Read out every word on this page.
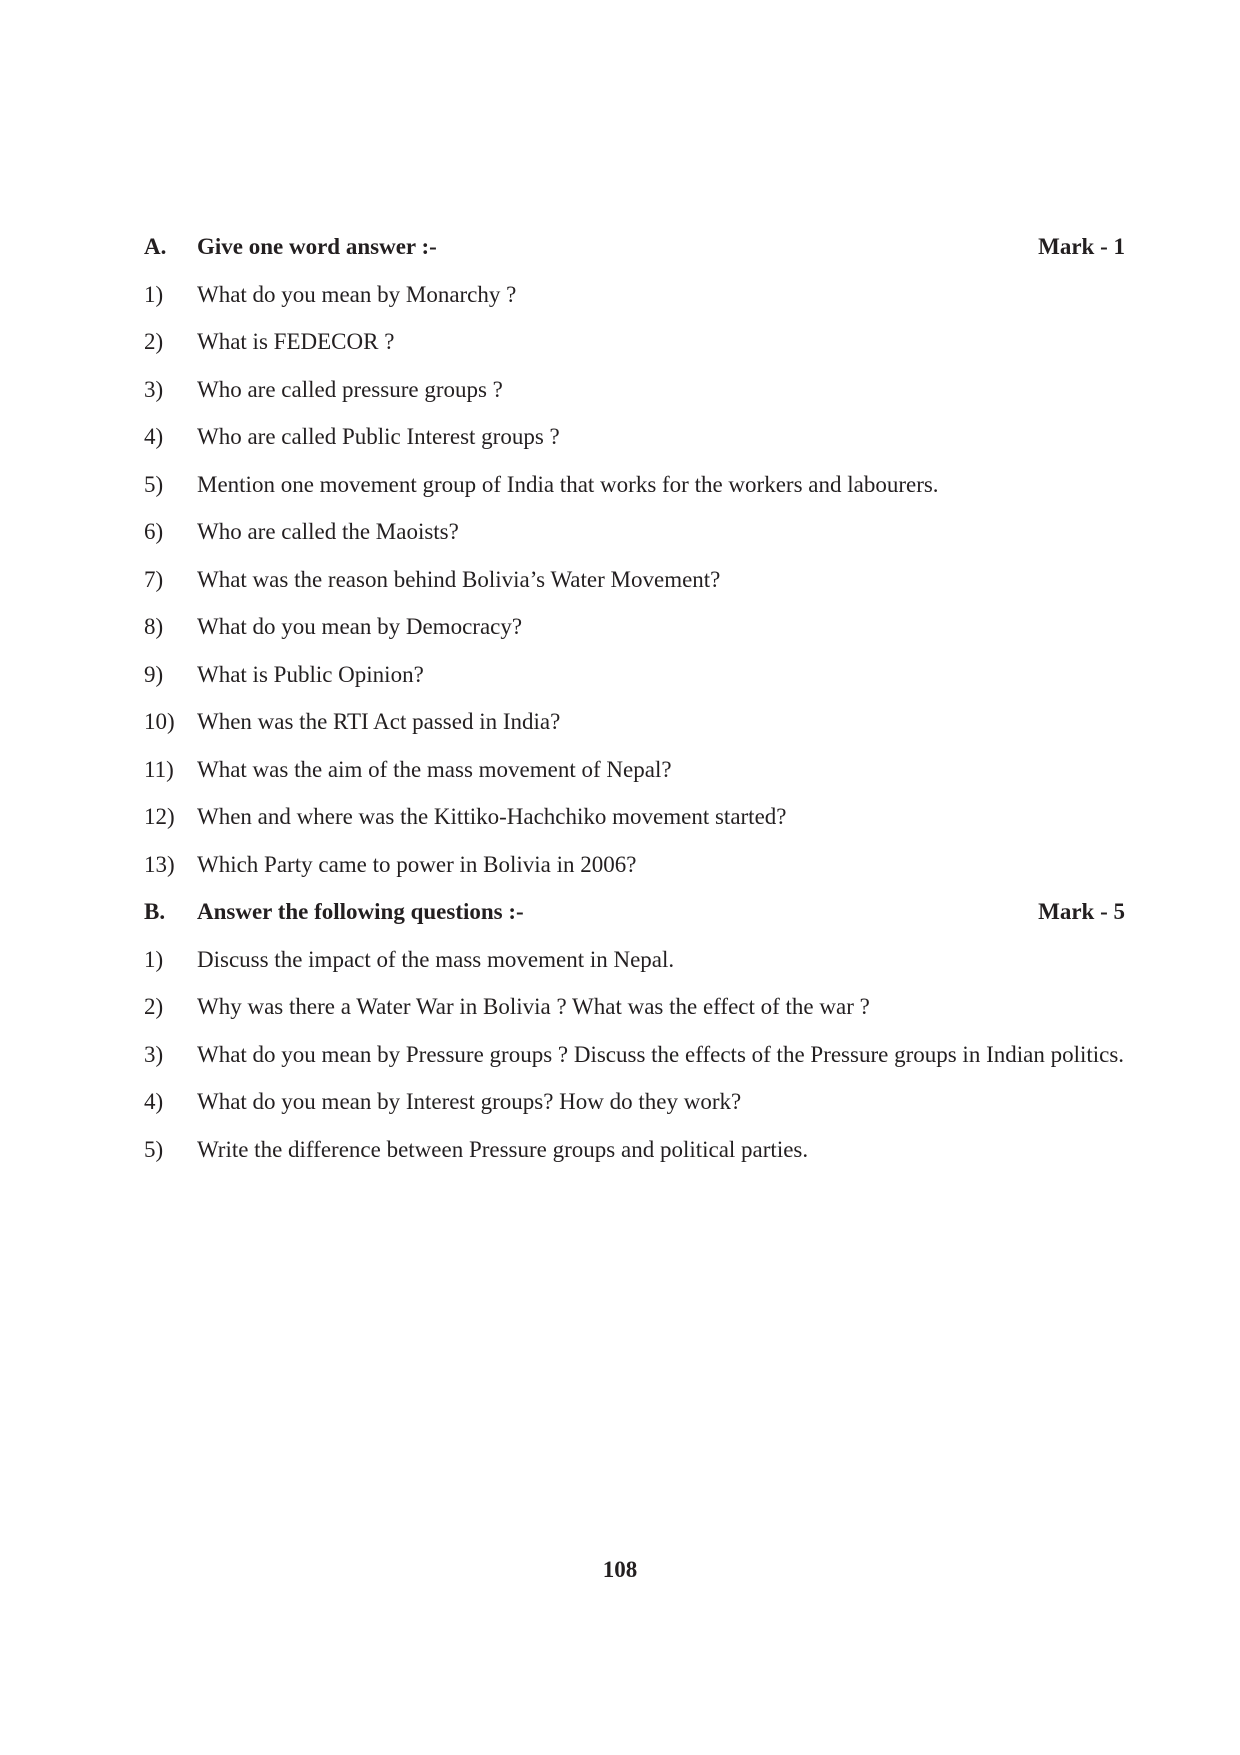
A.	Give one word answer :-	Mark - 1
1)	What do you mean by Monarchy ?
2)	What is FEDECOR ?
3)	Who are called pressure groups ?
4)	Who are called Public Interest groups ?
5)	Mention one movement group of India that works for the workers and labourers.
6)	Who are called the Maoists?
7)	What was the reason behind Bolivia’s Water Movement?
8)	What do you mean by Democracy?
9)	What is Public Opinion?
10) When was the RTI Act passed in India?
11)	What was the aim of the mass movement of Nepal?
12) When and where was the Kittiko-Hachchiko movement started?
13) Which Party came to power in Bolivia in 2006?
B.	Answer the following questions :-	Mark - 5
1)	Discuss the impact of the mass movement in Nepal.
2)	Why was there a Water War in Bolivia ? What was the effect of the war ?
3)	What do you mean by Pressure groups ? Discuss the effects of the Pressure groups in Indian politics.
4)	What do you mean by Interest groups? How do they work?
5)	Write the difference between Pressure groups and political parties.
108
